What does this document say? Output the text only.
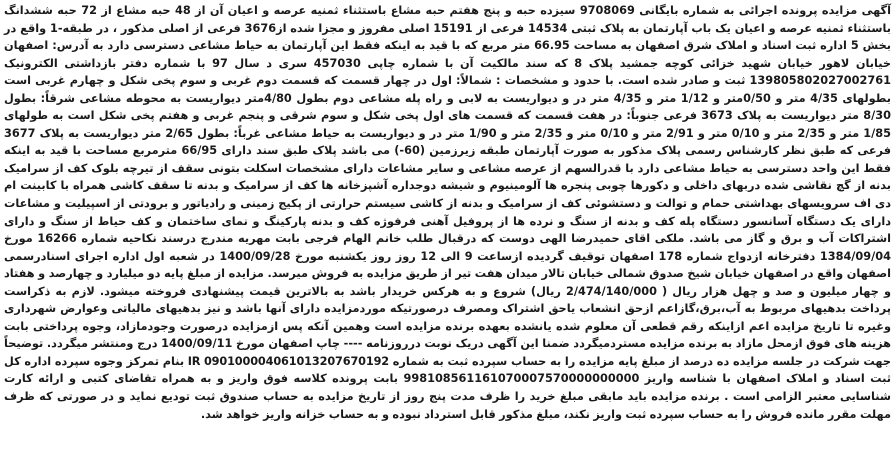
آگهی مزایده پرونده اجرائی به شماره بایگانی 9708069 سیزده حبه و پنج هفتم حبه مشاع باستثناء ثمنیه عرصه و اعیان آن از 48 حبه مشاع از 72 حبه ششدانگ باستثناء ثمنیه عرصه و اعیان یک باب آپارتمان به پلاک ثبتی 14534 فرعی از 15191 اصلی مفروز و مجزا شده از3676 فرعی از اصلی مذکور ، در طبقه-1 واقع در بخش 5 اداره ثبت اسناد و املاک شرق اصفهان به مساحت 66.95 متر مربع که با قید به اینکه فقط این آپارتمان به حیاط مشاعی دسترسی دارد به آدرس: اصفهان خیابان لاهور خیابان شهید خزائی کوچه جمشید پلاک 8 که سند مالکیت آن با شماره چاپی 457030 سری د سال 97 با شماره دفتر بازداشتی الکترونیک 139805802027002761 ثبت و صادر شده است. با حدود و مشخصات : شمالاً: اول در چهار قسمت که قسمت دوم غربی و سوم پخی شکل و چهارم غربی است بطولهای 4/35 متر و 0/50متر و 1/12 متر و 4/35 متر در و دیواریست به لابی و راه پله مشاعی دوم بطول 4/80متر دیواریست به محوطه مشاعی شرقاً: بطول 8/30 متر دیواریست به پلاک 3673 فرعی جنوباً: در هفت قسمت که قسمت های اول پخی شکل و سوم شرقی و پنجم غربی و هفتم پخی شکل است به طولهای 1/85 متر و 2/35 متر و 0/10 متر و 2/91 متر و 0/10 متر و 2/35 متر و 1/90 متر در و دیواریست به حیاط مشاعی غرباً: بطول 2/65 متر دیواریست به پلاک 3677 فرعی که طبق نظر کارشناس رسمی پلاک مذکور به صورت آپارتمان طبقه زیرزمین (60-) می باشد پلاک طبق سند دارای 66/95 مترمربع مساحت با قید به اینکه فقط این واحد دسترسی به حیاط مشاعی دارد با قدرالسهم از عرصه مشاعی و سایر مشاعات دارای مشخصات اسکلت بتونی سقف از تیرچه بلوک کف از سرامیک بدنه از گچ نقاشی شده دربهای داخلی و دکورها چوبی پنجره ها آلومینیوم و شیشه دوجداره آشپزخانه ها کف از سرامیک و بدنه تا سقف کاشی همراه با کابینت ام دی اف سرویسهای بهداشتی حمام و توالت و دستشوئی کف از سرامیک و بدنه از کاشی سیستم حرارتی از پکیج زمینی و رادیاتور و برودتی از اسپیلیت و مشاعات دارای یک دستگاه آسانسور دستگاه پله کف و بدنه از سنگ و نرده ها از پروفیل آهنی فرفوژه کف و بدنه پارکینگ و نمای ساختمان و کف حیاط از سنگ و دارای اشتراکات آب و برق و گاز می باشد. ملکی اقای حمیدرضا الهی دوست که درقبال طلب خانم الهام فرجی بابت مهریه مندرج درسند نکاحیه شماره 16266 مورخ 1384/09/04 دفترخانه ازدواج شماره 178 اصفهان توقیف گردیده ازساعت 9 الی 12 روز روز یکشنبه مورخ 1400/09/28 در شعبه اول اداره اجرای اسنادرسمی اصفهان واقع در اصفهان خیابان شیخ صدوق شمالی خیابان تالار میدان هفت تیر از طریق مزایده به فروش میرسد. مزایده از مبلغ پایه دو میلیارد و چهارصد و هفتاد و چهار میلیون و صد و چهل هزار ریال ( 2/474/140/000 ریال) شروع و به هرکس خریدار باشد به بالاترین قیمت پیشنهادی فروخته میشود. لازم به ذکراست پرداخت بدهیهای مربوط به آب،برق،گازاعم ازحق انشعاب یاحق اشتراک ومصرف درصورتیکه موردمزایده دارای آنها باشد و نیز بدهیهای مالیاتی وعوارض شهرداری وغیره تا تاریخ مزایده اعم ازاینکه رقم قطعی آن معلوم شده یانشده بعهده برنده مزایده است وهمین آنکه پس ازمزایده درصورت وجودمازاد، وجوه پرداختی بابت هزینه های فوق ازمحل مازاد به برنده مزایده مستردمیگردد ضمنا این آگهی دریک نوبت درروزنامه ---- چاپ اصفهان مورخ 1400/09/11 درج ومنتشر میگردد. توضیحاً جهت شرکت در جلسه مزایده ده درصد از مبلغ پایه مزایده را به حساب سپرده ثبت به شماره IR 090100004061013207670192 بنام تمرکز وجوه سپرده اداره کل ثبت اسناد و املاک اصفهان با شناسه واریز 998108561161070007570000000000 بابت پرونده کلاسه فوق واریز و به همراه تقاضای کتبی و ارائه کارت شناسایی معتبر الزامی است . برنده مزایده باید مابقی مبلغ خرید را ظرف مدت پنج روز از تاریخ مزایده به حساب صندوق ثبت تودیع نماید و در صورتی که ظرف مهلت مقرر مانده فروش را به حساب سپرده ثبت واریز نکند، مبلغ مذکور قابل استرداد نبوده و به حساب خزانه واریز خواهد شد.
